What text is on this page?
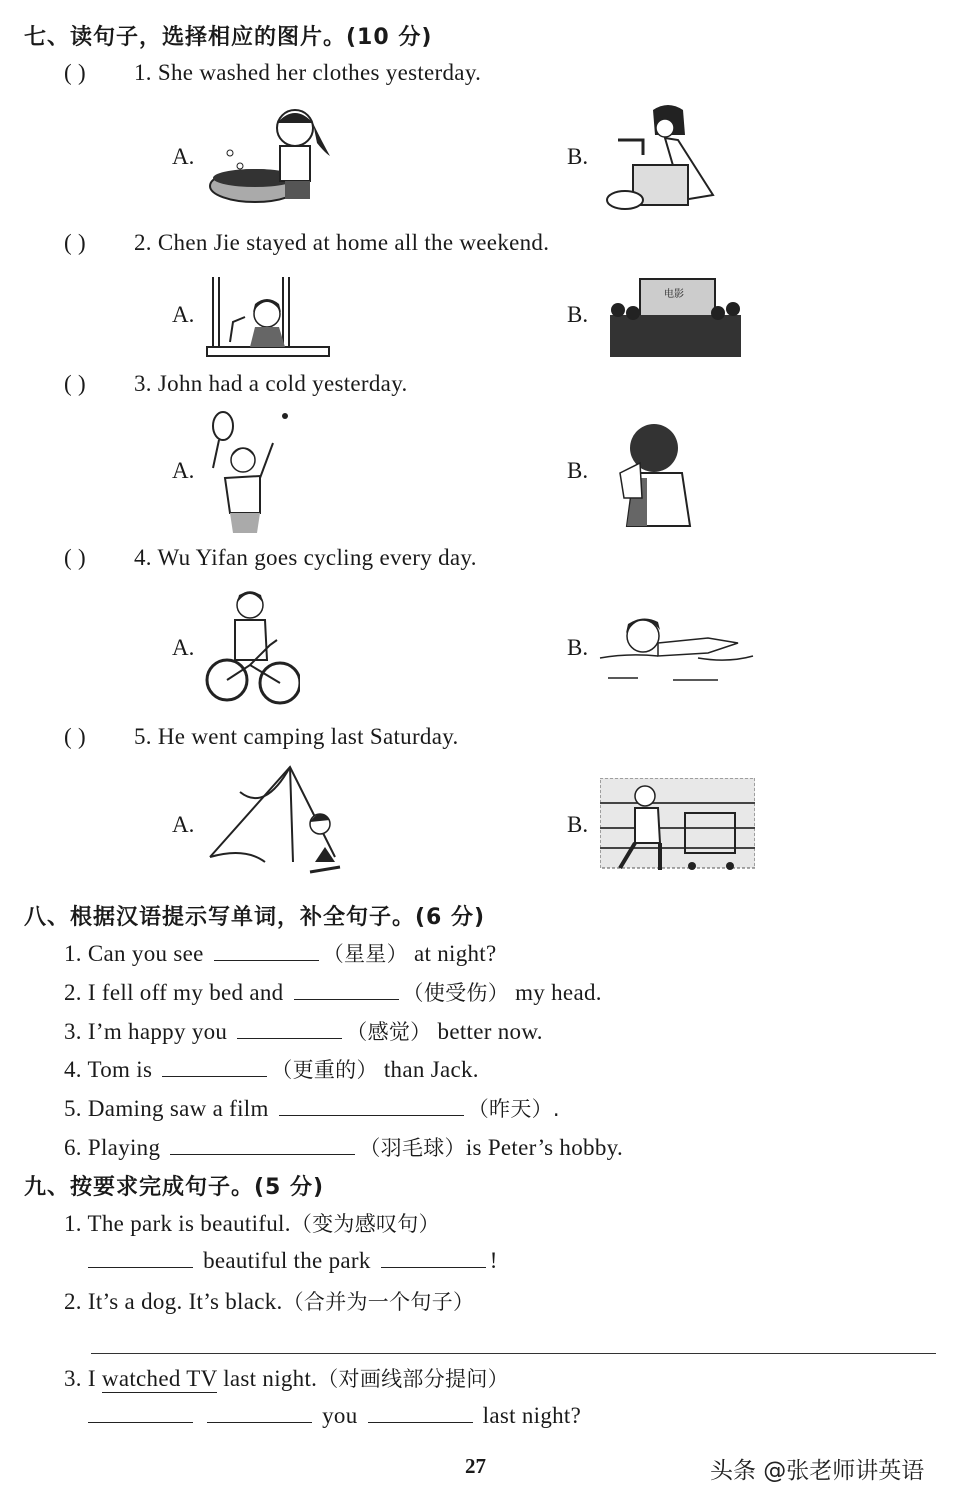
七、读句子，选择相应的图片。(10 分)
( ) 1. She washed her clothes yesterday.
A.	B.
( ) 2. Chen Jie stayed at home all the weekend.
A.	B.
电影
( ) 3. John had a cold yesterday.
A.	B.
( ) 4. Wu Yifan goes cycling every day.
A.	B.
( ) 5. He went camping last Saturday.
A.	B.
八、根据汉语提示写单词，补全句子。(6 分)
1. Can you see	（星星） at night?
2. I fell off my bed and	（使受伤） my head.
3. I’m happy you	（感觉） better now.
4. Tom is	（更重的） than Jack.
5. Daming saw a film	（昨天）.
6. Playing	（羽毛球）is Peter’s hobby.
九、按要求完成句子。(5 分)
1. The park is beautiful.（变为感叹句）
beautiful the park	!
2. It’s a dog. It’s black.（合并为一个句子）
3. I watched TV last night.（对画线部分提问）
you	last night?
27	头条 @张老师讲英语
